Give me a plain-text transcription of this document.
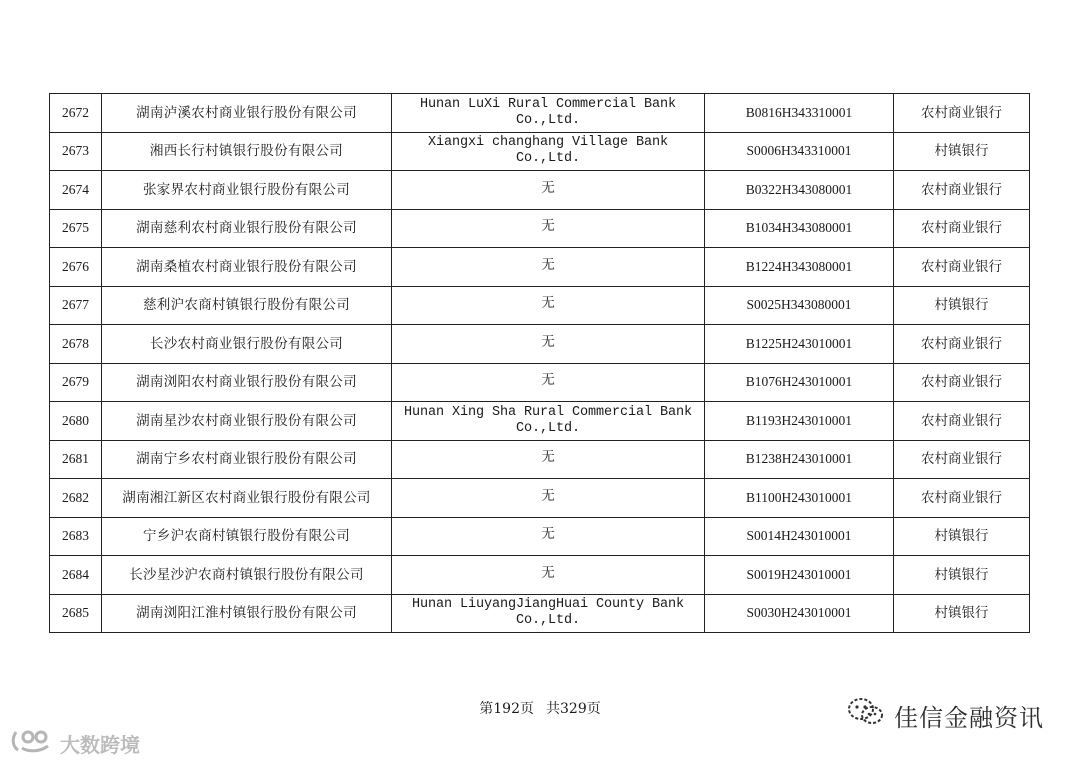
2672	湖南泸溪农村商业银行股份有限公司	Hunan LuXi Rural Commercial Bank Co.,Ltd.	B0816H343310001	农村商业银行
2673	湘西长行村镇银行股份有限公司	Xiangxi changhang Village Bank Co.,Ltd.	S0006H343310001	村镇银行
2674	张家界农村商业银行股份有限公司	无	B0322H343080001	农村商业银行
2675	湖南慈利农村商业银行股份有限公司	无	B1034H343080001	农村商业银行
2676	湖南桑植农村商业银行股份有限公司	无	B1224H343080001	农村商业银行
2677	慈利沪农商村镇银行股份有限公司	无	S0025H343080001	村镇银行
2678	长沙农村商业银行股份有限公司	无	B1225H243010001	农村商业银行
2679	湖南浏阳农村商业银行股份有限公司	无	B1076H243010001	农村商业银行
2680	湖南星沙农村商业银行股份有限公司	Hunan Xing Sha Rural Commercial Bank Co.,Ltd.	B1193H243010001	农村商业银行
2681	湖南宁乡农村商业银行股份有限公司	无	B1238H243010001	农村商业银行
2682	湖南湘江新区农村商业银行股份有限公司	无	B1100H243010001	农村商业银行
2683	宁乡沪农商村镇银行股份有限公司	无	S0014H243010001	村镇银行
2684	长沙星沙沪农商村镇银行股份有限公司	无	S0019H243010001	村镇银行
2685	湖南浏阳江淮村镇银行股份有限公司	Hunan LiuyangJiangHuai County Bank Co.,Ltd.	S0030H243010001	村镇银行
第192页 共329页	佳信金融资讯
大数跨境
